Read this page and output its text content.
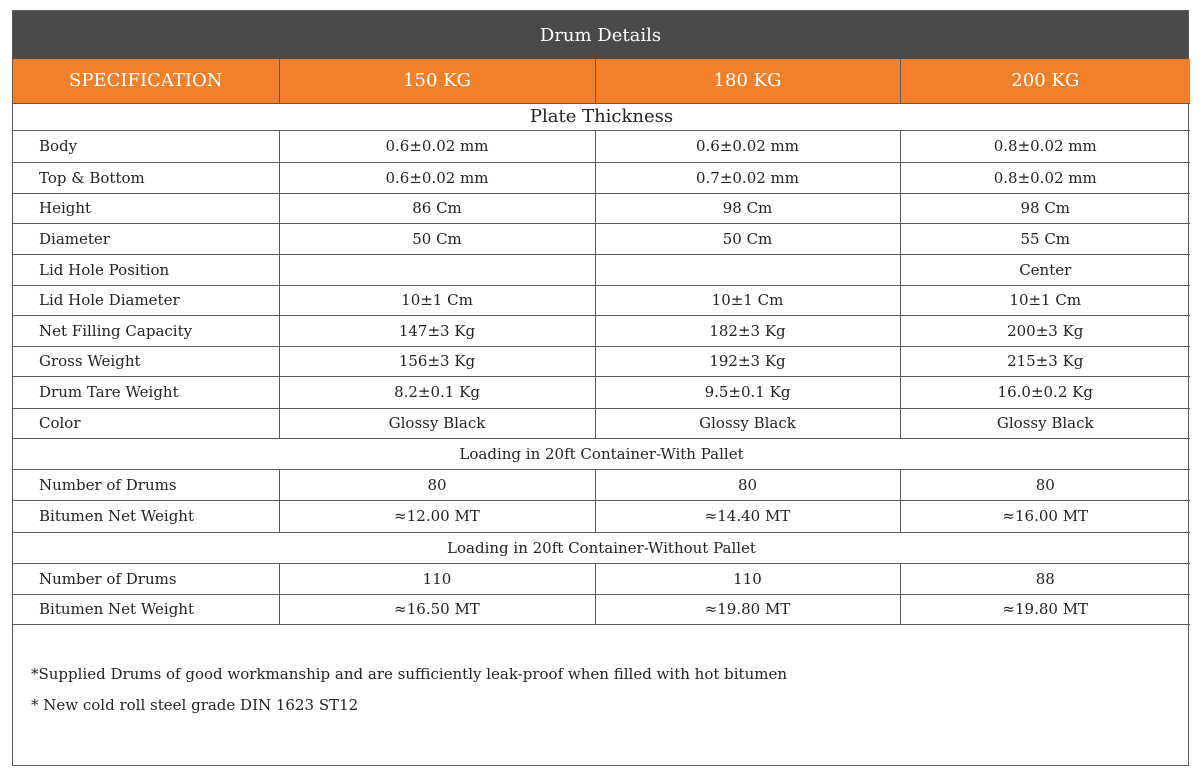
Drum Details
SPECIFICATION	150 KG	180 KG	200 KG
Plate Thickness			
Body	0.6±0.02 mm	0.6±0.02 mm	0.8±0.02 mm
Top & Bottom	0.6±0.02 mm	0.7±0.02 mm	0.8±0.02 mm
Height	86 Cm	98 Cm	98 Cm
Diameter	50 Cm	50 Cm	55 Cm
Lid Hole Position			Center
Lid Hole Diameter	10±1 Cm	10±1 Cm	10±1 Cm
Net Filling Capacity	147±3 Kg	182±3 Kg	200±3 Kg
Gross Weight	156±3 Kg	192±3 Kg	215±3 Kg
Drum Tare Weight	8.2±0.1 Kg	9.5±0.1 Kg	16.0±0.2 Kg
Color	Glossy Black	Glossy Black	Glossy Black
Loading in 20ft Container-With Pallet			
Number of Drums	80	80	80
Bitumen Net Weight	≈12.00 MT	≈14.40 MT	≈16.00 MT
Loading in 20ft Container-Without Pallet			
Number of Drums	110	110	88
Bitumen Net Weight	≈16.50 MT	≈19.80 MT	≈19.80 MT

*Supplied Drums of good workmanship and are sufficiently leak-proof when filled with hot bitumen

* New cold roll steel grade DIN 1623 ST12
